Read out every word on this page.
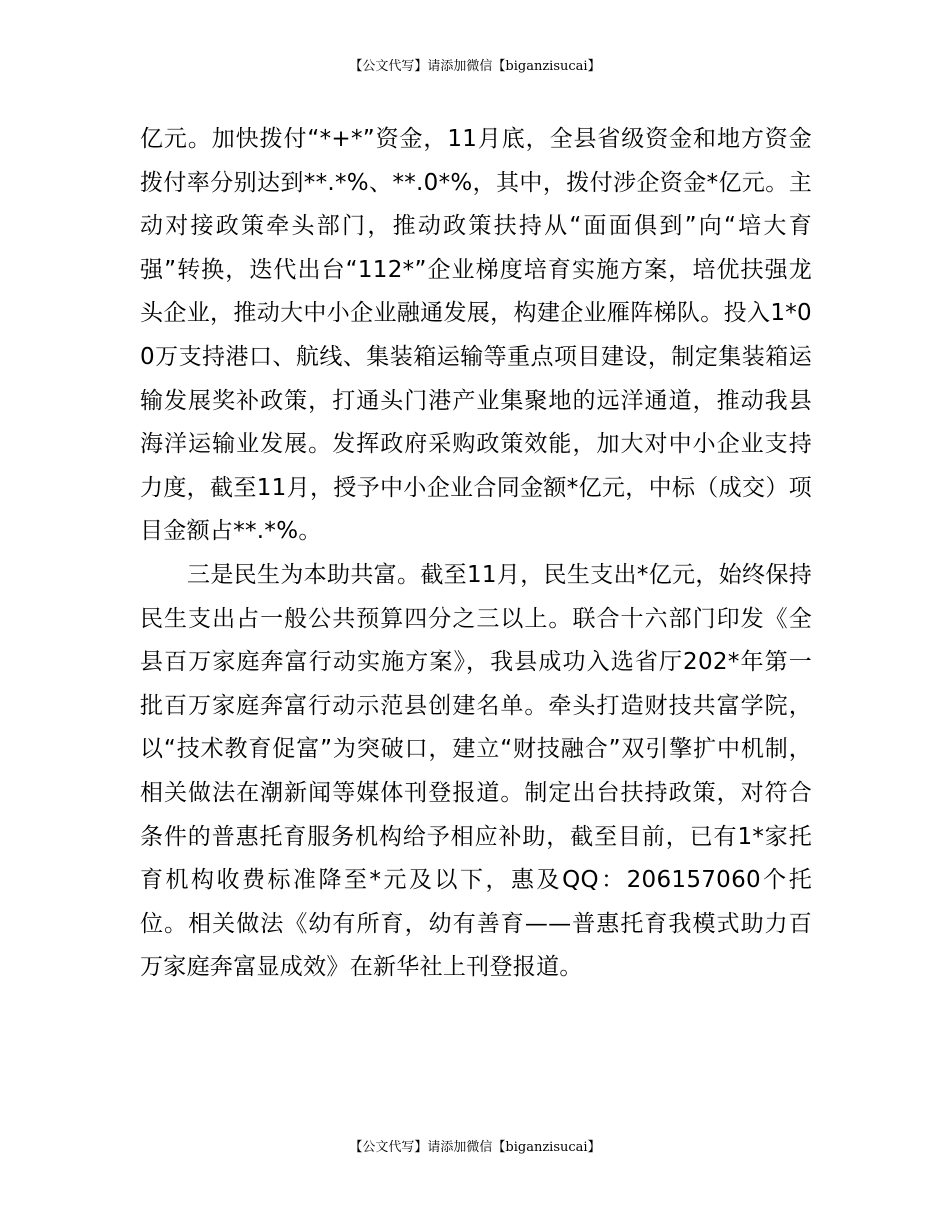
【公文代写】请添加微信【biganzisucai】

亿元。加快拨付“*+*”资金，11月底，全县省级资金和地方资金拨付率分别达到**.*%、**.0*%，其中，拨付涉企资金*亿元。主动对接政策牵头部门，推动政策扶持从“面面俱到”向“培大育强”转换，迭代出台“112*”企业梯度培育实施方案，培优扶强龙头企业，推动大中小企业融通发展，构建企业雁阵梯队。投入1*00万支持港口、航线、集装箱运输等重点项目建设，制定集装箱运输发展奖补政策，打通头门港产业集聚地的远洋通道，推动我县海洋运输业发展。发挥政府采购政策效能，加大对中小企业支持力度，截至11月，授予中小企业合同金额*亿元，中标（成交）项目金额占**.*%。

三是民生为本助共富。截至11月，民生支出*亿元，始终保持民生支出占一般公共预算四分之三以上。联合十六部门印发《全县百万家庭奔富行动实施方案》，我县成功入选省厅202*年第一批百万家庭奔富行动示范县创建名单。牵头打造财技共富学院，以“技术教育促富”为突破口，建立“财技融合”双引擎扩中机制，相关做法在潮新闻等媒体刊登报道。制定出台扶持政策，对符合条件的普惠托育服务机构给予相应补助，截至目前，已有1*家托育机构收费标准降至*元及以下，惠及QQ：206157060个托位。相关做法《幼有所育，幼有善育——普惠托育我模式助力百万家庭奔富显成效》在新华社上刊登报道。

【公文代写】请添加微信【biganzisucai】
